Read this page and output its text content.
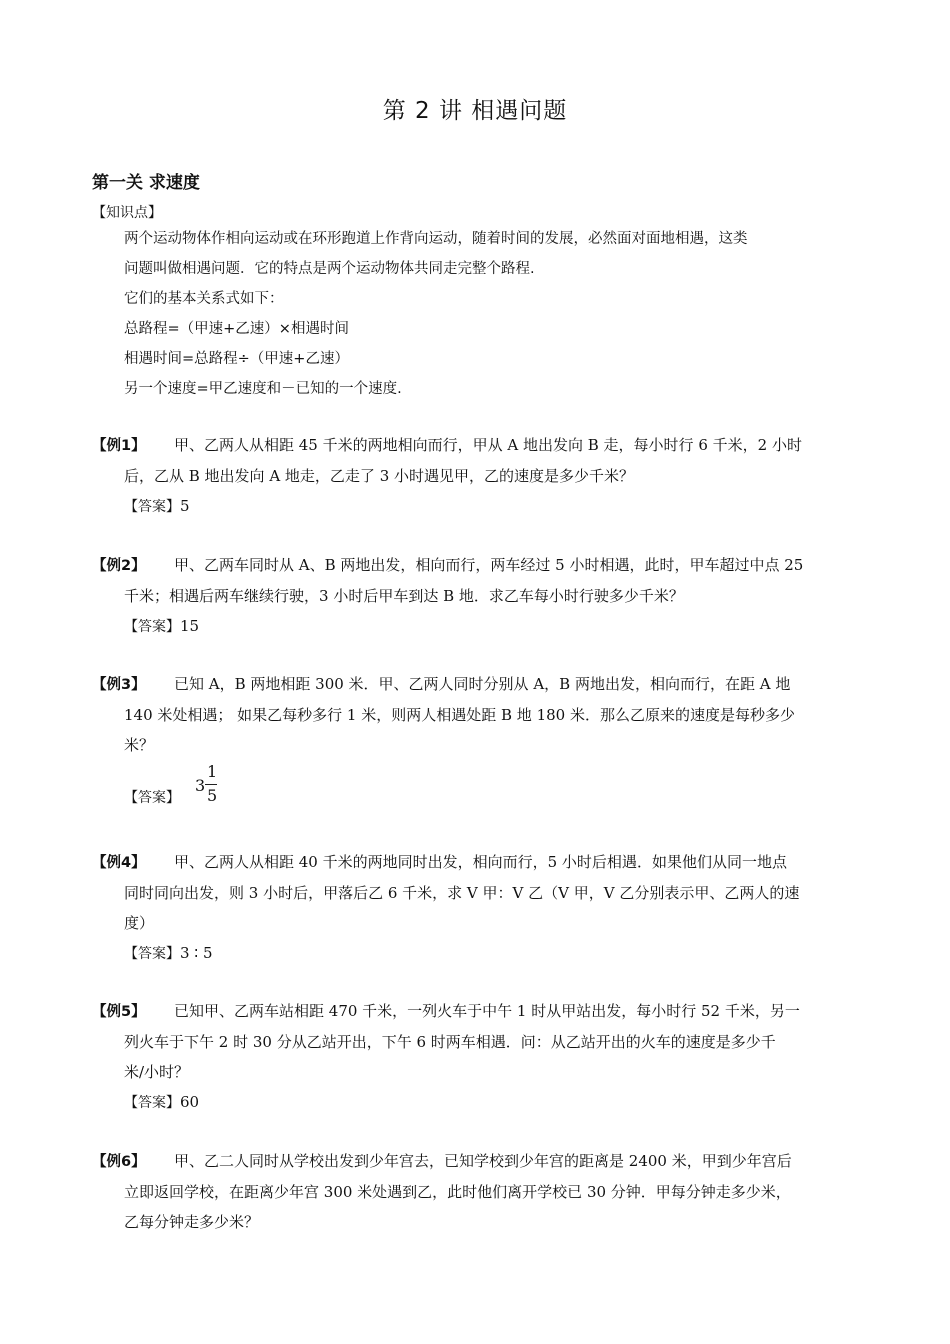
第 2 讲 相遇问题
第一关 求速度
【知识点】

两个运动物体作相向运动或在环形跑道上作背向运动，随着时间的发展，必然面对面地相遇，这类

问题叫做相遇问题．它的特点是两个运动物体共同走完整个路程.

它们的基本关系式如下：

总路程=（甲速+乙速）×相遇时间

相遇时间=总路程÷（甲速+乙速）

另一个速度=甲乙速度和－已知的一个速度.

【例1】 甲、乙两人从相距 45 千米的两地相向而行，甲从 A 地出发向 B 走，每小时行 6 千米，2 小时
后，乙从 B 地出发向 A 地走，乙走了 3 小时遇见甲，乙的速度是多少千米？
【答案】5
【例2】 甲、乙两车同时从 A、B 两地出发，相向而行，两车经过 5 小时相遇，此时，甲车超过中点 25
千米；相遇后两车继续行驶，3 小时后甲车到达 B 地．求乙车每小时行驶多少千米？
【答案】15
【例3】 已知 A，B 两地相距 300 米．甲、乙两人同时分别从 A，B 两地出发，相向而行，在距 A 地
140 米处相遇； 如果乙每秒多行 1 米，则两人相遇处距 B 地 180 米．那么乙原来的速度是每秒多少
米？
【答案】
3
1
5
【例4】 甲、乙两人从相距 40 千米的两地同时出发，相向而行，5 小时后相遇．如果他们从同一地点
同时同向出发，则 3 小时后，甲落后乙 6 千米，求 V 甲：V 乙（V 甲，V 乙分别表示甲、乙两人的速
度）
【答案】3 ∶ 5
【例5】 已知甲、乙两车站相距 470 千米，一列火车于中午 1 时从甲站出发，每小时行 52 千米，另一
列火车于下午 2 时 30 分从乙站开出，下午 6 时两车相遇．问：从乙站开出的火车的速度是多少千
米/小时？
【答案】60
【例6】 甲、乙二人同时从学校出发到少年宫去，已知学校到少年宫的距离是 2400 米，甲到少年宫后
立即返回学校，在距离少年宫 300 米处遇到乙，此时他们离开学校已 30 分钟．甲每分钟走多少米，
乙每分钟走多少米？
